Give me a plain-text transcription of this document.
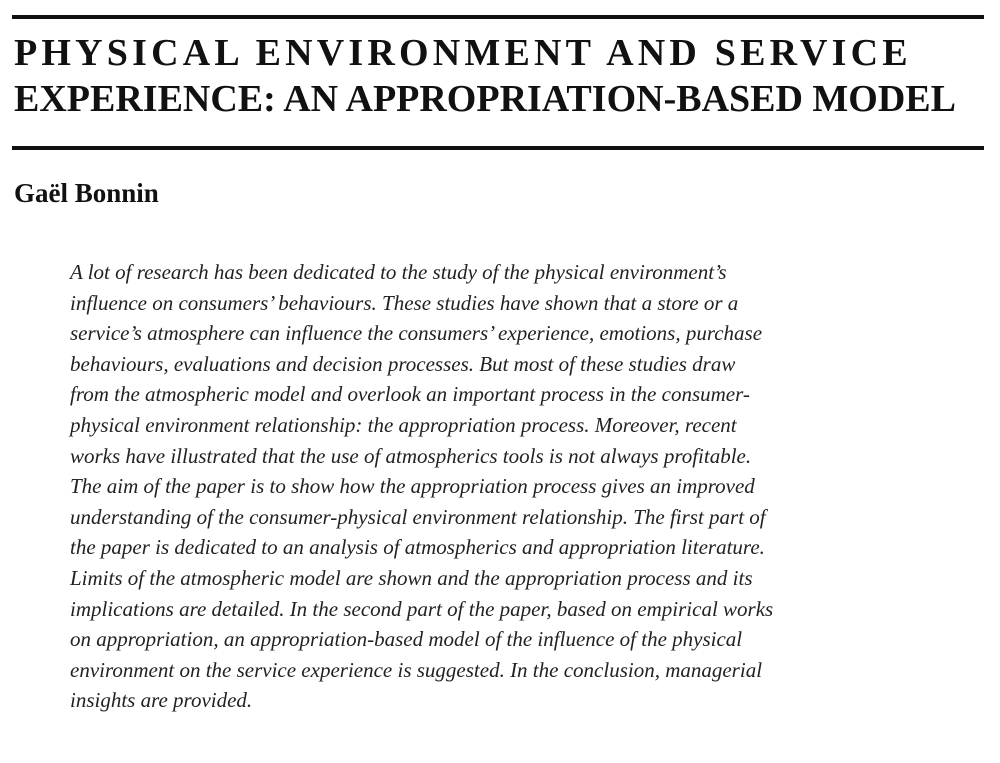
PHYSICAL ENVIRONMENT AND SERVICE
EXPERIENCE: AN APPROPRIATION-BASED MODEL

Gaël Bonnin

A lot of research has been dedicated to the study of the physical environment’s
influence on consumers’ behaviours. These studies have shown that a store or a
service’s atmosphere can influence the consumers’ experience, emotions, purchase
behaviours, evaluations and decision processes. But most of these studies draw
from the atmospheric model and overlook an important process in the consumer-
physical environment relationship: the appropriation process. Moreover, recent
works have illustrated that the use of atmospherics tools is not always profitable.
The aim of the paper is to show how the appropriation process gives an improved
understanding of the consumer-physical environment relationship. The first part of
the paper is dedicated to an analysis of atmospherics and appropriation literature.
Limits of the atmospheric model are shown and the appropriation process and its
implications are detailed. In the second part of the paper, based on empirical works
on appropriation, an appropriation-based model of the influence of the physical
environment on the service experience is suggested. In the conclusion, managerial
insights are provided.
